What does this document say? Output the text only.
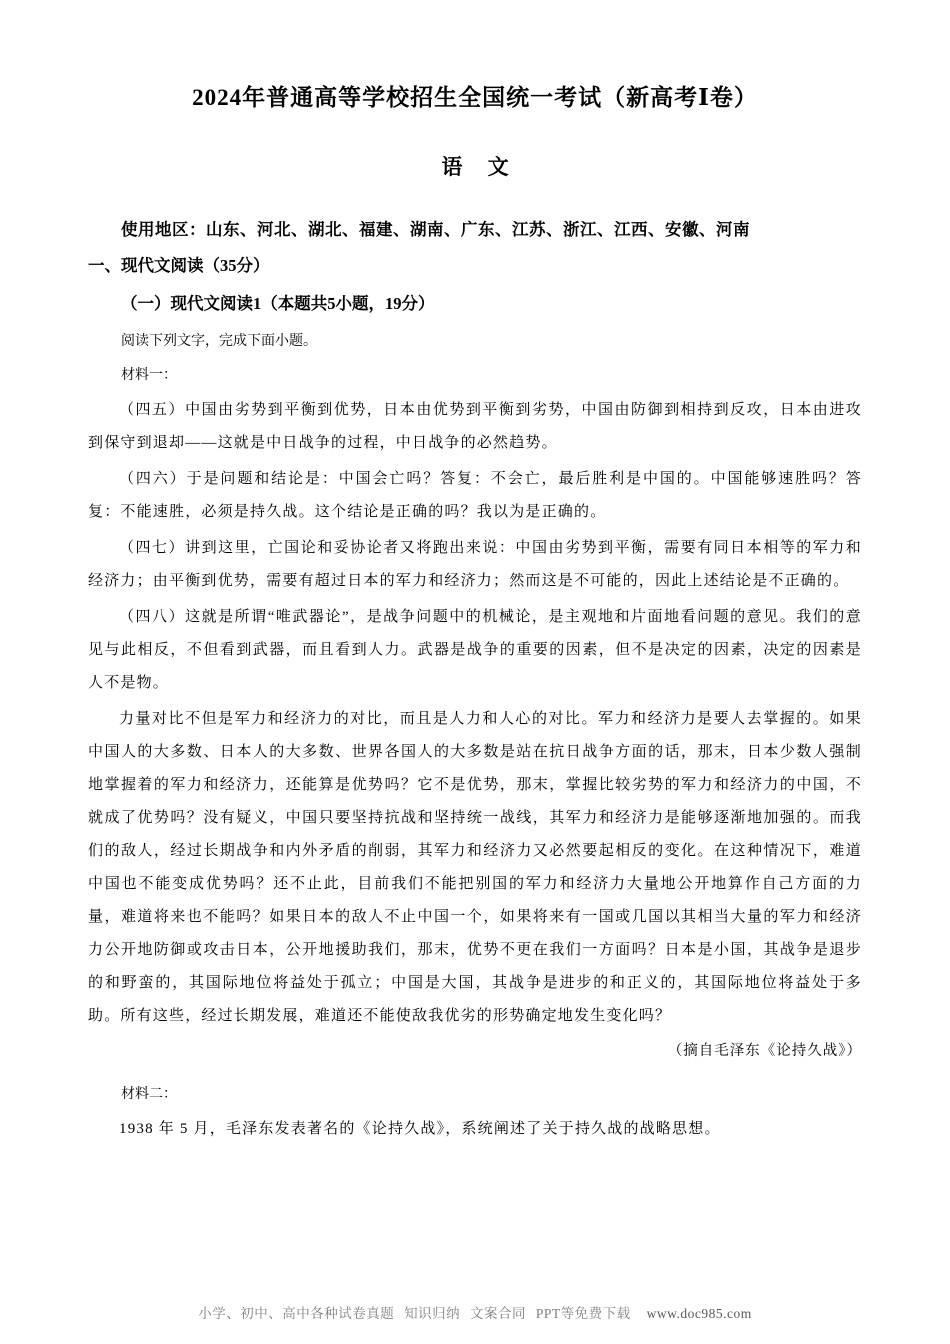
2024年普通高等学校招生全国统一考试（新高考Ⅰ卷）
语 文

使用地区：山东、河北、湖北、福建、湖南、广东、江苏、浙江、江西、安徽、河南

一、现代文阅读（35分）

（一）现代文阅读1（本题共5小题，19分）

阅读下列文字，完成下面小题。

材料一：

（四五）中国由劣势到平衡到优势，日本由优势到平衡到劣势，中国由防御到相持到反攻，日本由进攻到保守到退却——这就是中日战争的过程，中日战争的必然趋势。

（四六）于是问题和结论是：中国会亡吗？答复：不会亡，最后胜利是中国的。中国能够速胜吗？答复：不能速胜，必须是持久战。这个结论是正确的吗？我以为是正确的。

（四七）讲到这里，亡国论和妥协论者又将跑出来说：中国由劣势到平衡，需要有同日本相等的军力和经济力；由平衡到优势，需要有超过日本的军力和经济力；然而这是不可能的，因此上述结论是不正确的。

（四八）这就是所谓“唯武器论”，是战争问题中的机械论，是主观地和片面地看问题的意见。我们的意见与此相反，不但看到武器，而且看到人力。武器是战争的重要的因素，但不是决定的因素，决定的因素是人不是物。

力量对比不但是军力和经济力的对比，而且是人力和人心的对比。军力和经济力是要人去掌握的。如果中国人的大多数、日本人的大多数、世界各国人的大多数是站在抗日战争方面的话，那末，日本少数人强制地掌握着的军力和经济力，还能算是优势吗？它不是优势，那末，掌握比较劣势的军力和经济力的中国，不就成了优势吗？没有疑义，中国只要坚持抗战和坚持统一战线，其军力和经济力是能够逐渐地加强的。而我们的敌人，经过长期战争和内外矛盾的削弱，其军力和经济力又必然要起相反的变化。在这种情况下，难道中国也不能变成优势吗？还不止此，目前我们不能把别国的军力和经济力大量地公开地算作自己方面的力量，难道将来也不能吗？如果日本的敌人不止中国一个，如果将来有一国或几国以其相当大量的军力和经济力公开地防御或攻击日本，公开地援助我们，那末，优势不更在我们一方面吗？日本是小国，其战争是退步的和野蛮的，其国际地位将益处于孤立；中国是大国，其战争是进步的和正义的，其国际地位将益处于多助。所有这些，经过长期发展，难道还不能使敌我优劣的形势确定地发生变化吗？

（摘自毛泽东《论持久战》）

材料二：

1938 年 5 月，毛泽东发表著名的《论持久战》，系统阐述了关于持久战的战略思想。

小学、初中、高中各种试卷真题 知识归纳 文案合同 PPT等免费下载 www.doc985.com
